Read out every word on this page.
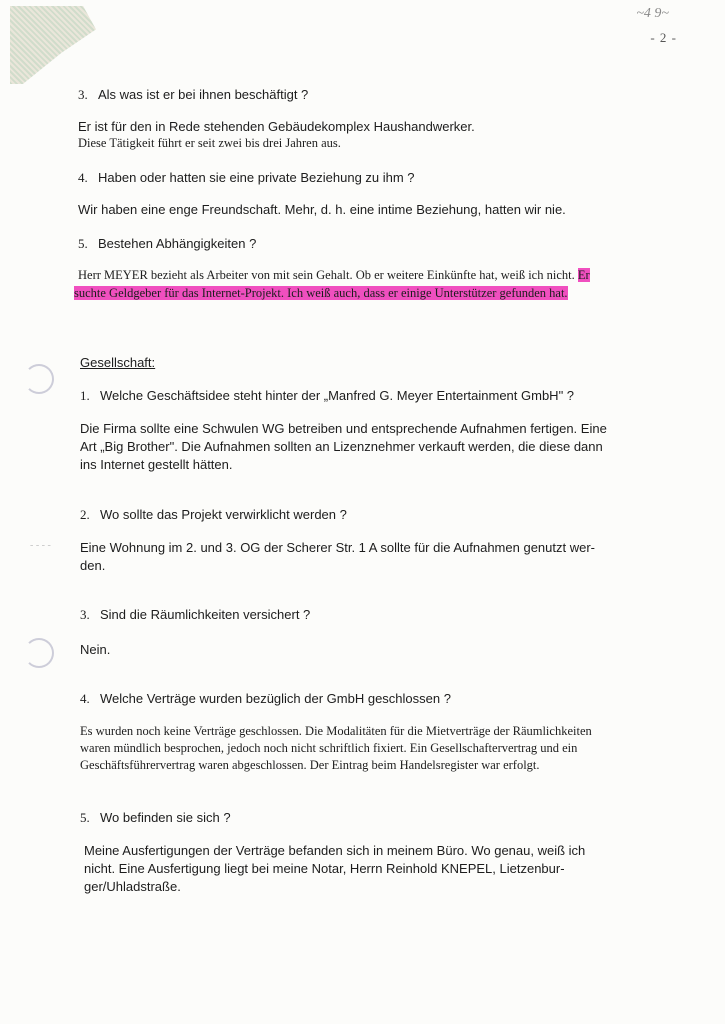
~4 9~
- 2 -

3. Als was ist er bei ihnen beschäftigt ?

Er ist für den in Rede stehenden Gebäudekomplex Haushandwerker.

Diese Tätigkeit führt er seit zwei bis drei Jahren aus.

4. Haben oder hatten sie eine private Beziehung zu ihm ?

Wir haben eine enge Freundschaft. Mehr, d. h. eine intime Beziehung, hatten wir nie.

5. Bestehen Abhängigkeiten ?

Herr MEYER bezieht als Arbeiter von mit sein Gehalt. Ob er weitere Einkünfte hat, weiß ich nicht. Er

suchte Geldgeber für das Internet-Projekt. Ich weiß auch, dass er einige Unterstützer gefunden hat.

Gesellschaft:

1. Welche Geschäftsidee steht hinter der „Manfred G. Meyer Entertainment GmbH" ?

Die Firma sollte eine Schwulen WG betreiben und entsprechende Aufnahmen fertigen. Eine

Art „Big Brother". Die Aufnahmen sollten an Lizenznehmer verkauft werden, die diese dann

ins Internet gestellt hätten.

2. Wo sollte das Projekt verwirklicht werden ?

- - - - Eine Wohnung im 2. und 3. OG der Scherer Str. 1 A sollte für die Aufnahmen genutzt wer-

den.

3. Sind die Räumlichkeiten versichert ?

Nein.

4. Welche Verträge wurden bezüglich der GmbH geschlossen ?

Es wurden noch keine Verträge geschlossen. Die Modalitäten für die Mietverträge der Räumlichkeiten

waren mündlich besprochen, jedoch noch nicht schriftlich fixiert. Ein Gesellschaftervertrag und ein

Geschäftsführervertrag waren abgeschlossen. Der Eintrag beim Handelsregister war erfolgt.

5. Wo befinden sie sich ?

Meine Ausfertigungen der Verträge befanden sich in meinem Büro. Wo genau, weiß ich

nicht. Eine Ausfertigung liegt bei meine Notar, Herrn Reinhold KNEPEL, Lietzenbur-

ger/Uhladstraße.
